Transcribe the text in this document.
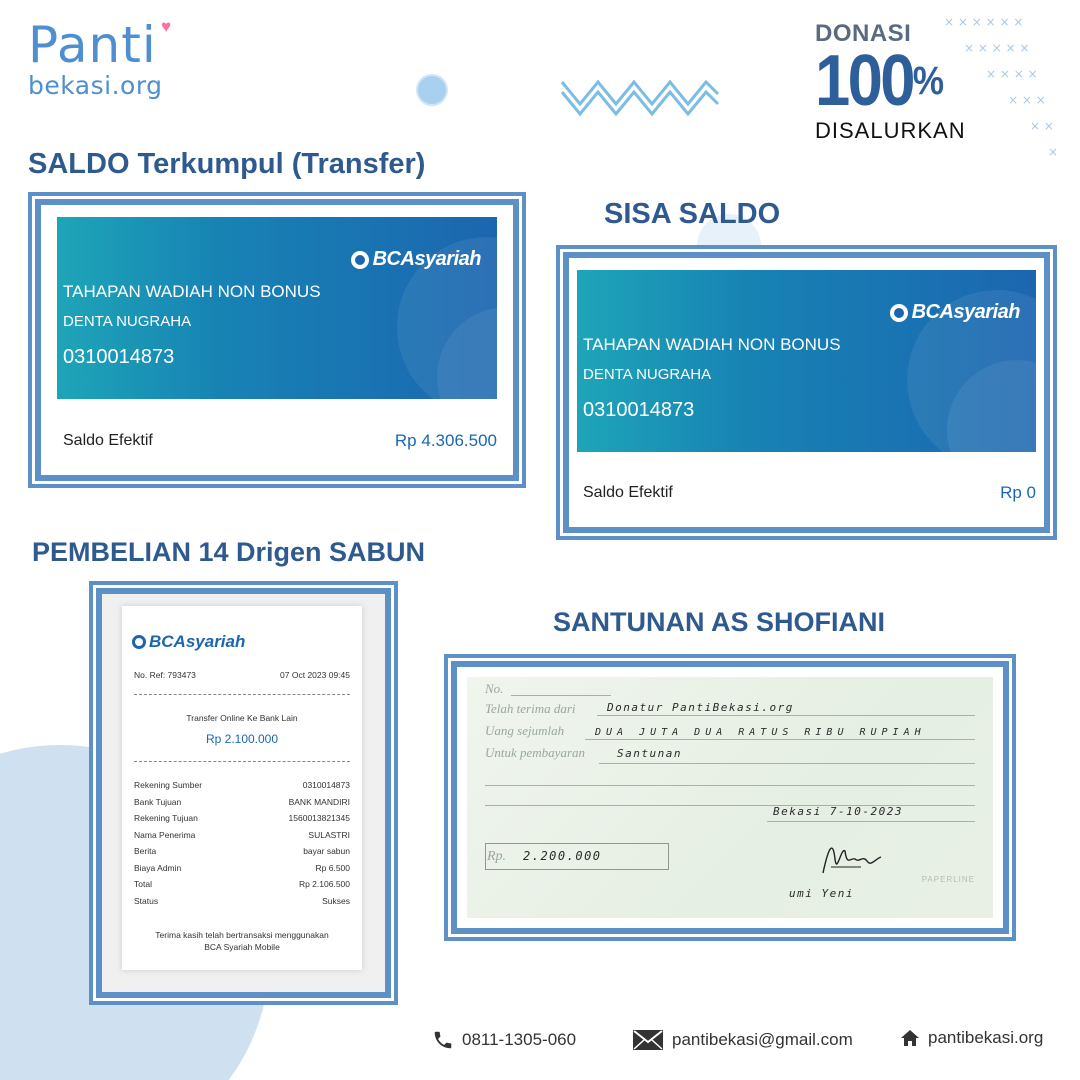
× × × × × ×
× × × × ×
× × × ×
× × ×
× ×
×
Panti ♥
bekasi.org
DONASI
100%
DISALURKAN
SALDO Terkumpul (Transfer)
SISA SALDO
PEMBELIAN 14 Drigen SABUN
SANTUNAN AS SHOFIANI
BCAsyariah
TAHAPAN WADIAH NON BONUS
DENTA NUGRAHA
0310014873
Saldo Efektif	Rp 4.306.500
BCAsyariah
TAHAPAN WADIAH NON BONUS
DENTA NUGRAHA
0310014873
Saldo Efektif	Rp 0
BCAsyariah
No. Ref: 793473	07 Oct 2023 09:45
Transfer Online Ke Bank Lain
Rp 2.100.000
Rekening Sumber	0310014873
Bank Tujuan	BANK MANDIRI
Rekening Tujuan	1560013821345
Nama Penerima	SULASTRI
Berita	bayar sabun
Biaya Admin	Rp 6.500
Total	Rp 2.106.500
Status	Sukses
Terima kasih telah bertransaksi menggunakan
BCA Syariah Mobile
No.
Telah terima dari	Donatur PantiBekasi.org
Uang sejumlah	DUA JUTA DUA RATUS RIBU RUPIAH
Untuk pembayaran	Santunan
Bekasi 7-10-2023
Rp. 2.200.000
umi Yeni
PAPERLINE
0811-1305-060	pantibekasi@gmail.com	pantibekasi.org
